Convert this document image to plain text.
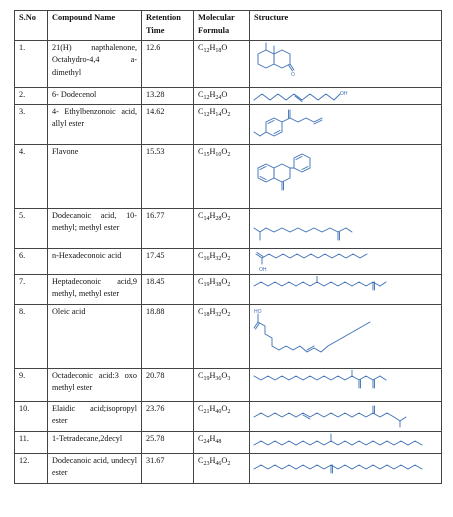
S.No	Compound Name	Retention Time	Molecular Formula	Structure
1.	21(H) napthalenone, Octahydro-4,4 a- dimethyl	12.6	$C_{12}H_{18}O$	O

2.	6- Dodecenol	13.28	$C_{12}H_{24}O$	OH

3.	4- Ethylbenzonoic acid, allyl ester	14.62	$C_{12}H_{14}O_2$	

4.	Flavone	15.53	$C_{15}H_{10}O_2$	

5.	Dodecanoic acid, 10- methyl; methyl ester	16.77	$C_{14}H_{28}O_2$	

6.	n-Hexadeconoic acid	17.45	$C_{16}H_{32}O_2$	OH

7.	Heptadeconoic acid,9 methyl, methyl ester	18.45	$C_{19}H_{38}O_2$	

8.	Oleic acid	18.88	$C_{18}H_{32}O_2$	HO

9.	Octadeconic acid:3 oxo methyl ester	20.78	$C_{19}H_{36}O_3$	

10.	Elaidic acid;isopropyl ester	23.76	$C_{21}H_{40}O_2$	

11.	1-Tetradecane,2decyl	25.78	$C_{24}H_{48}$	

12.	Dodecanoic acid, undecyl ester	31.67	$C_{23}H_{46}O_2$	
